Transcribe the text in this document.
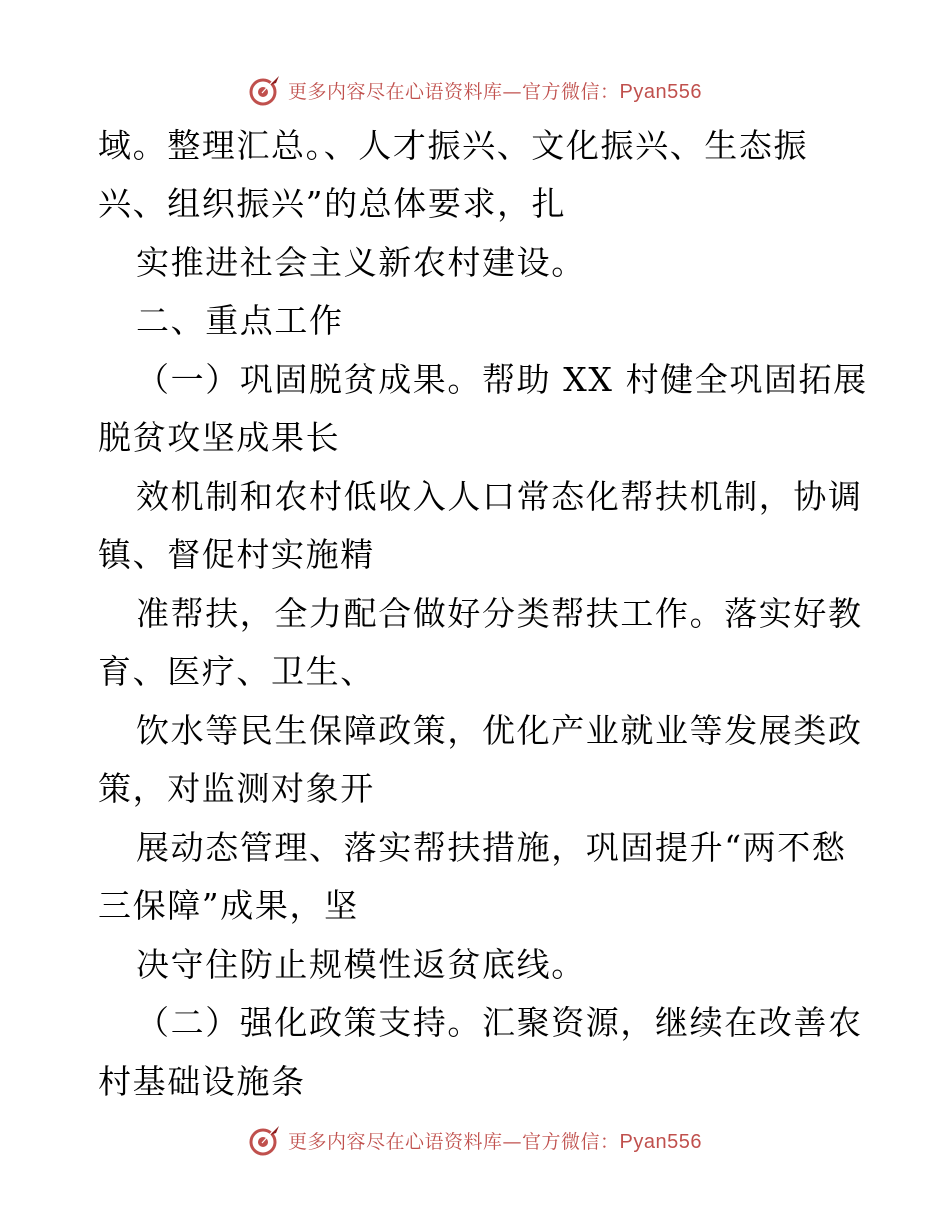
更多内容尽在心语资料库—官方微信：Pyan556
域。整理汇总。、人才振兴、文化振兴、生态振
兴、组织振兴”的总体要求，扎
实推进社会主义新农村建设。
二、重点工作
（一）巩固脱贫成果。帮助 XX 村健全巩固拓展
脱贫攻坚成果长
效机制和农村低收入人口常态化帮扶机制，协调
镇、督促村实施精
准帮扶，全力配合做好分类帮扶工作。落实好教
育、医疗、卫生、
饮水等民生保障政策，优化产业就业等发展类政
策，对监测对象开
展动态管理、落实帮扶措施，巩固提升“两不愁
三保障”成果，坚
决守住防止规模性返贫底线。
（二）强化政策支持。汇聚资源，继续在改善农
村基础设施条
更多内容尽在心语资料库—官方微信：Pyan556
